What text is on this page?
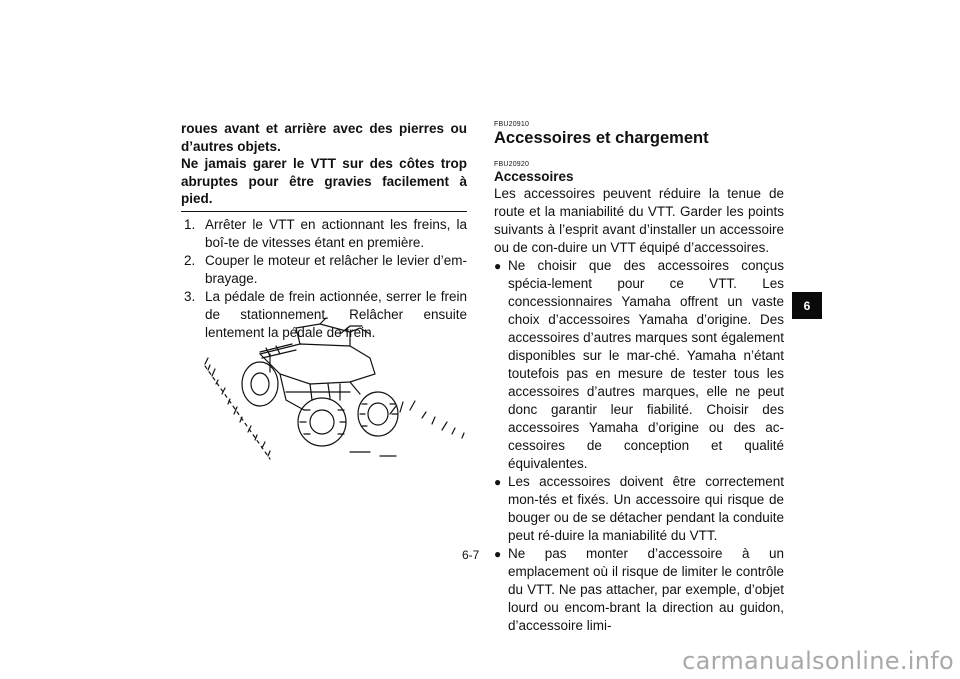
roues avant et arrière avec des pierres ou d’autres objets.

Ne jamais garer le VTT sur des côtes trop abruptes pour être gravies facilement à pied.

1. Arrêter le VTT en actionnant les freins, la boî-te de vitesses étant en première.
2. Couper le moteur et relâcher le levier d’em-brayage.
3. La pédale de frein actionnée, serrer le frein de stationnement. Relâcher ensuite lentement la pédale de frein.
FBU20910
Accessoires et chargement
FBU20920
Accessoires

Les accessoires peuvent réduire la tenue de route et la maniabilité du VTT. Garder les points suivants à l’esprit avant d’installer un accessoire ou de con-duire un VTT équipé d’accessoires.

● Ne choisir que des accessoires conçus spécia-lement pour ce VTT. Les concessionnaires Yamaha offrent un vaste choix d’accessoires Yamaha d’origine. Des accessoires d’autres marques sont également disponibles sur le mar-ché. Yamaha n’étant toutefois pas en mesure de tester tous les accessoires d’autres marques, elle ne peut donc garantir leur fiabilité. Choisir des accessoires Yamaha d’origine ou des ac-cessoires de conception et qualité équivalentes.
● Les accessoires doivent être correctement mon-tés et fixés. Un accessoire qui risque de bouger ou de se détacher pendant la conduite peut ré-duire la maniabilité du VTT.
● Ne pas monter d’accessoire à un emplacement où il risque de limiter le contrôle du VTT. Ne pas attacher, par exemple, d’objet lourd ou encom-brant la direction au guidon, d’accessoire limi-
6
6-7
carmanualsonline.info
